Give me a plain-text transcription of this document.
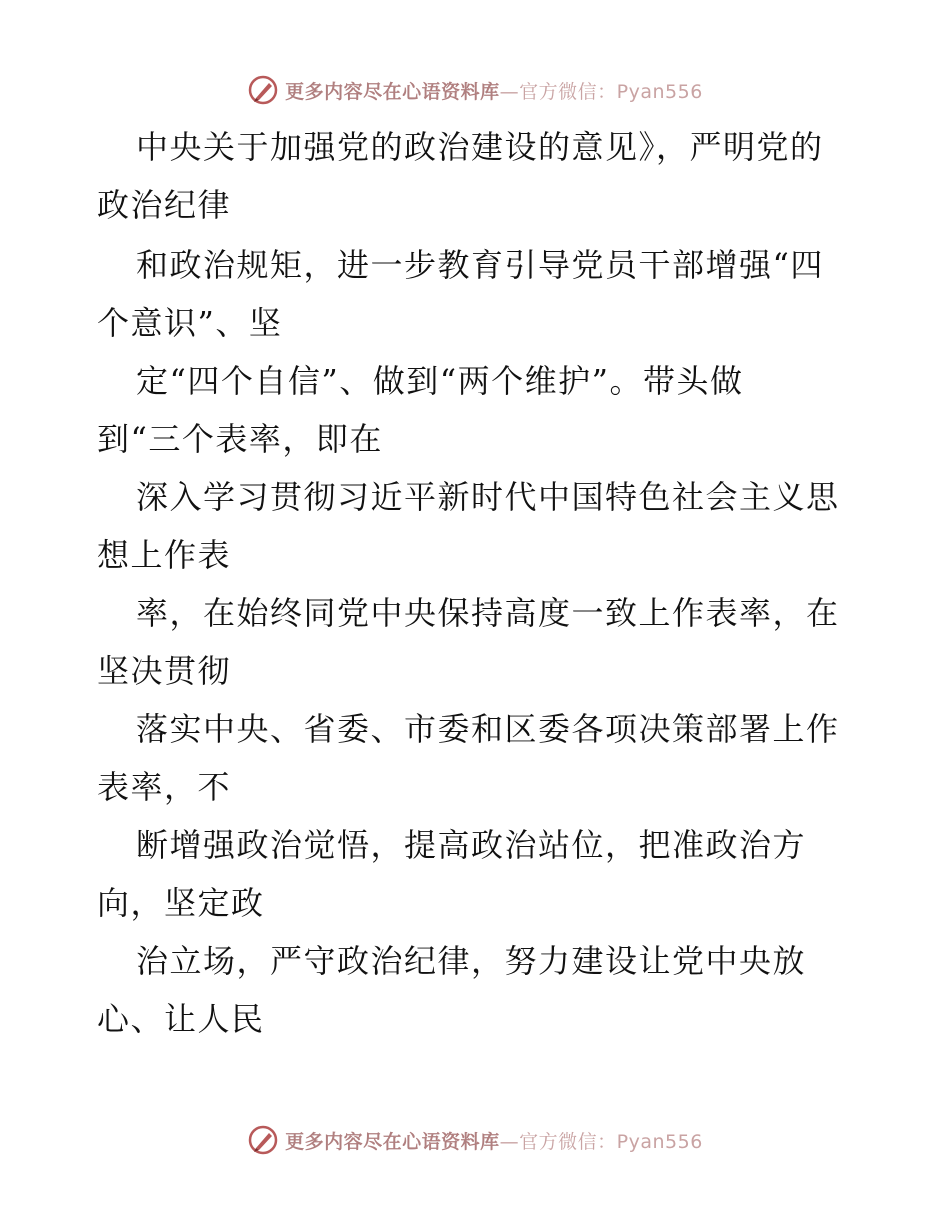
更多内容尽在心语资料库—官方微信：Pyan556
中央关于加强党的政治建设的意见》，严明党的
政治纪律
和政治规矩，进一步教育引导党员干部增强“四
个意识”、坚
定“四个自信”、做到“两个维护”。带头做
到“三个表率，即在
深入学习贯彻习近平新时代中国特色社会主义思
想上作表
率，在始终同党中央保持高度一致上作表率，在
坚决贯彻
落实中央、省委、市委和区委各项决策部署上作
表率，不
断增强政治觉悟，提高政治站位，把准政治方
向，坚定政
治立场，严守政治纪律，努力建设让党中央放
心、让人民
更多内容尽在心语资料库—官方微信：Pyan556
